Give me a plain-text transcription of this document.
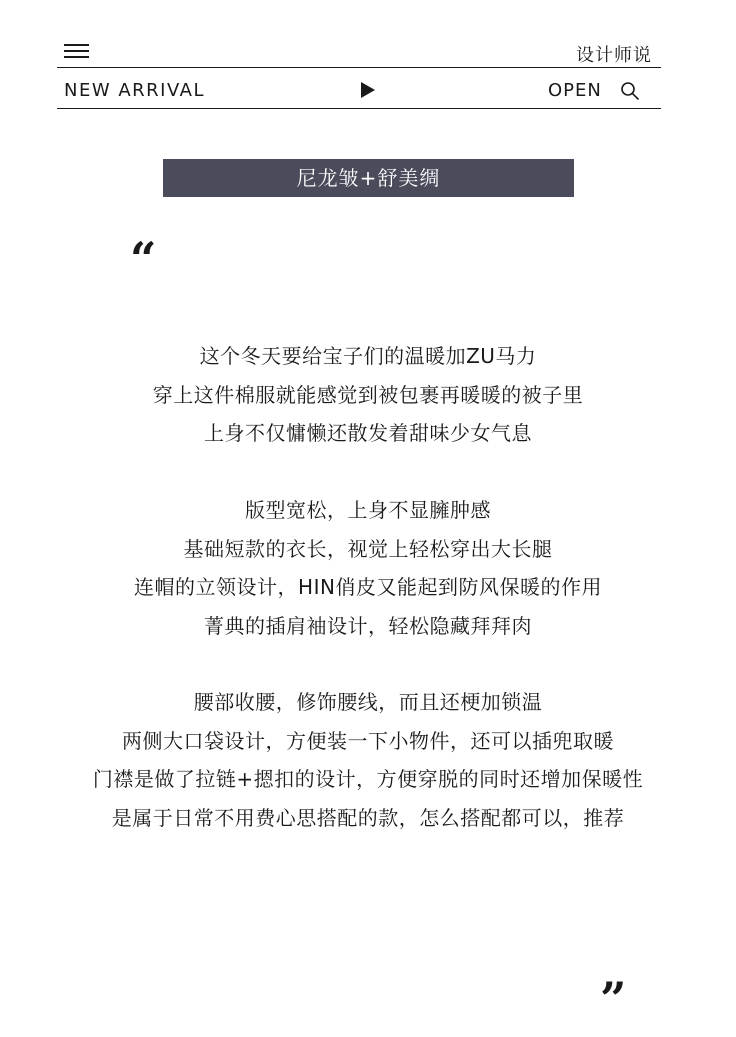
设计师说
NEW ARRIVAL	OPEN
尼龙皱+舒美绸
“
这个冬天要给宝子们的温暖加ZU马力
穿上这件棉服就能感觉到被包裹再暖暖的被子里
上身不仅慵懒还散发着甜味少女气息
版型宽松，上身不显臃肿感
基础短款的衣长，视觉上轻松穿出大长腿
连帽的立领设计，HIN俏皮又能起到防风保暖的作用
菁典的插肩袖设计，轻松隐藏拜拜肉
腰部收腰，修饰腰线，而且还梗加锁温
两侧大口袋设计，方便装一下小物件，还可以插兜取暖
门襟是做了拉链+摁扣的设计，方便穿脱的同时还增加保暖性
是属于日常不用费心思搭配的款，怎么搭配都可以，推荐
”
